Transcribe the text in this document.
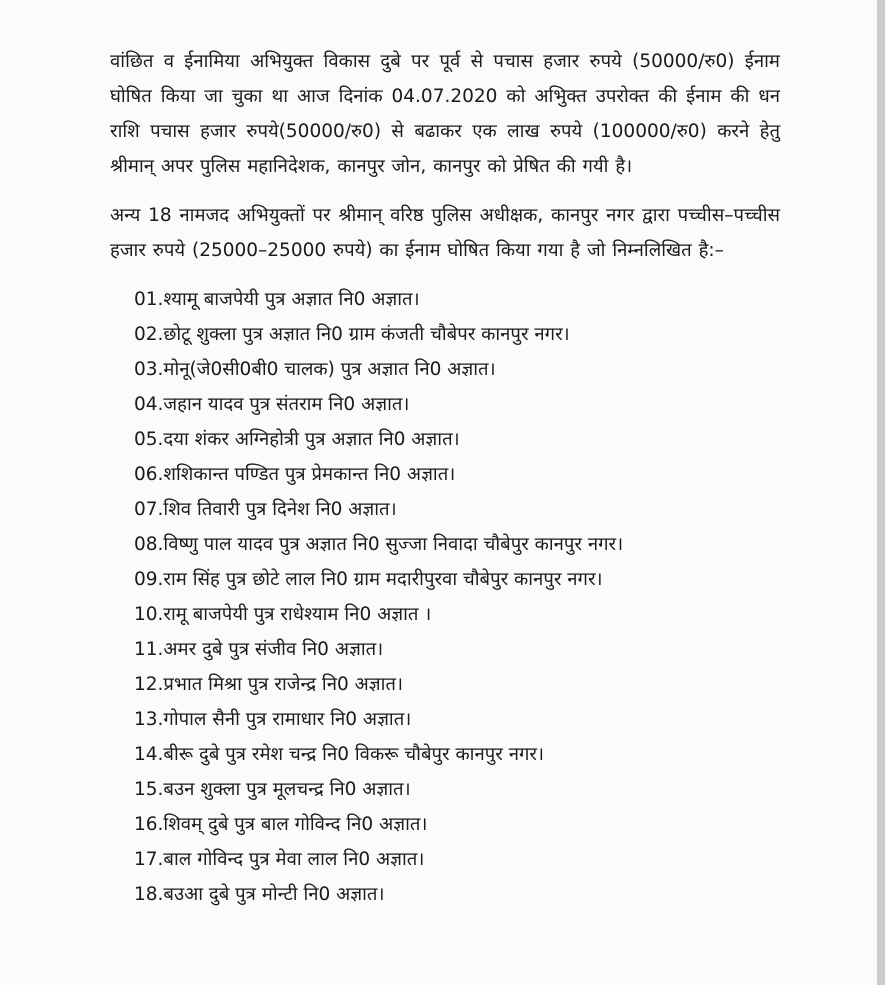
वांछित व ईनामिया अभियुक्त विकास दुबे पर पूर्व से पचास हजार रुपये (50000/रु0) ईनाम घोषित किया जा चुका था आज दिनांक 04.07.2020 को अभिुक्त उपरोक्त की ईनाम की धन राशि पचास हजार रुपये(50000/रु0) से बढाकर एक लाख रुपये (100000/रु0) करने हेतु श्रीमान् अपर पुलिस महानिदेशक, कानपुर जोन, कानपुर को प्रेषित की गयी है।

अन्य 18 नामजद अभियुक्तों पर श्रीमान् वरिष्ठ पुलिस अधीक्षक, कानपुर नगर द्वारा पच्चीस–पच्चीस हजार रुपये (25000–25000 रुपये) का ईनाम घोषित किया गया है जो निम्नलिखित है:–

01.श्यामू बाजपेयी पुत्र अज्ञात नि0 अज्ञात।
02.छोटू शुक्ला पुत्र अज्ञात नि0 ग्राम कंजती चौबेपर कानपुर नगर।
03.मोनू(जे0सी0बी0 चालक) पुत्र अज्ञात नि0 अज्ञात।
04.जहान यादव पुत्र संतराम नि0 अज्ञात।
05.दया शंकर अग्निहोत्री पुत्र अज्ञात नि0 अज्ञात।
06.शशिकान्त पण्डित पुत्र प्रेमकान्त नि0 अज्ञात।
07.शिव तिवारी पुत्र दिनेश नि0 अज्ञात।
08.विष्णु पाल यादव पुत्र अज्ञात नि0 सुज्जा निवादा चौबेपुर कानपुर नगर।
09.राम सिंह पुत्र छोटे लाल नि0 ग्राम मदारीपुरवा चौबेपुर कानपुर नगर।
10.रामू बाजपेयी पुत्र राधेश्याम नि0 अज्ञात ।
11.अमर दुबे पुत्र संजीव नि0 अज्ञात।
12.प्रभात मिश्रा पुत्र राजेन्द्र नि0 अज्ञात।
13.गोपाल सैनी पुत्र रामाधार नि0 अज्ञात।
14.बीरू दुबे पुत्र रमेश चन्द्र नि0 विकरू चौबेपुर कानपुर नगर।
15.बउन शुक्ला पुत्र मूलचन्द्र नि0 अज्ञात।
16.शिवम् दुबे पुत्र बाल गोविन्द नि0 अज्ञात।
17.बाल गोविन्द पुत्र मेवा लाल नि0 अज्ञात।
18.बउआ दुबे पुत्र मोन्टी नि0 अज्ञात।
